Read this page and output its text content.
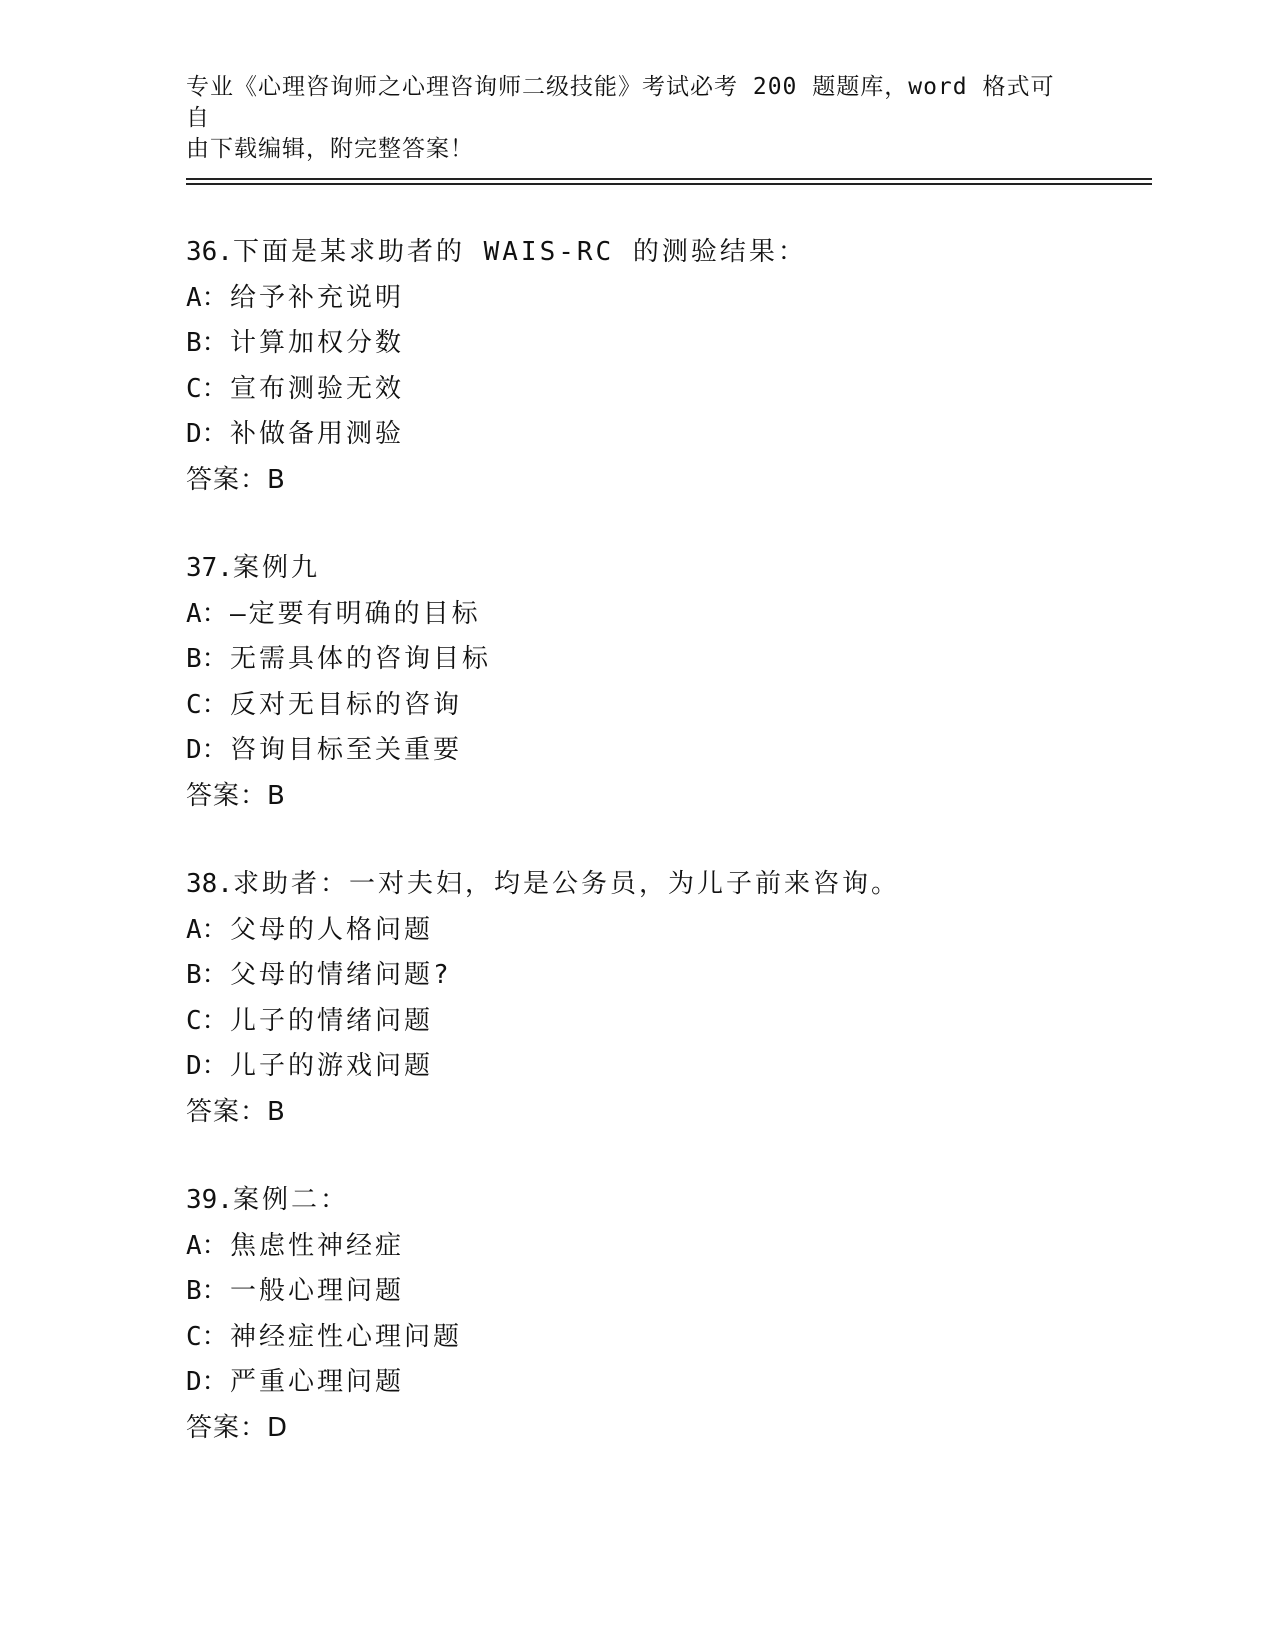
专业《心理咨询师之心理咨询师二级技能》考试必考 200 题题库，word 格式可自
由下载编辑，附完整答案！
36.下面是某求助者的 WAIS-RC 的测验结果：
A：给予补充说明
B：计算加权分数
C：宣布测验无效
D：补做备用测验
答案：B
37.案例九
A：—定要有明确的目标
B：无需具体的咨询目标
C：反对无目标的咨询
D：咨询目标至关重要
答案：B
38.求助者：一对夫妇，均是公务员，为儿子前来咨询。
A：父母的人格问题
B：父母的情绪问题?
C：儿子的情绪问题
D：儿子的游戏问题
答案：B
39.案例二：
A：焦虑性神经症
B：一般心理问题
C：神经症性心理问题
D：严重心理问题
答案：D
